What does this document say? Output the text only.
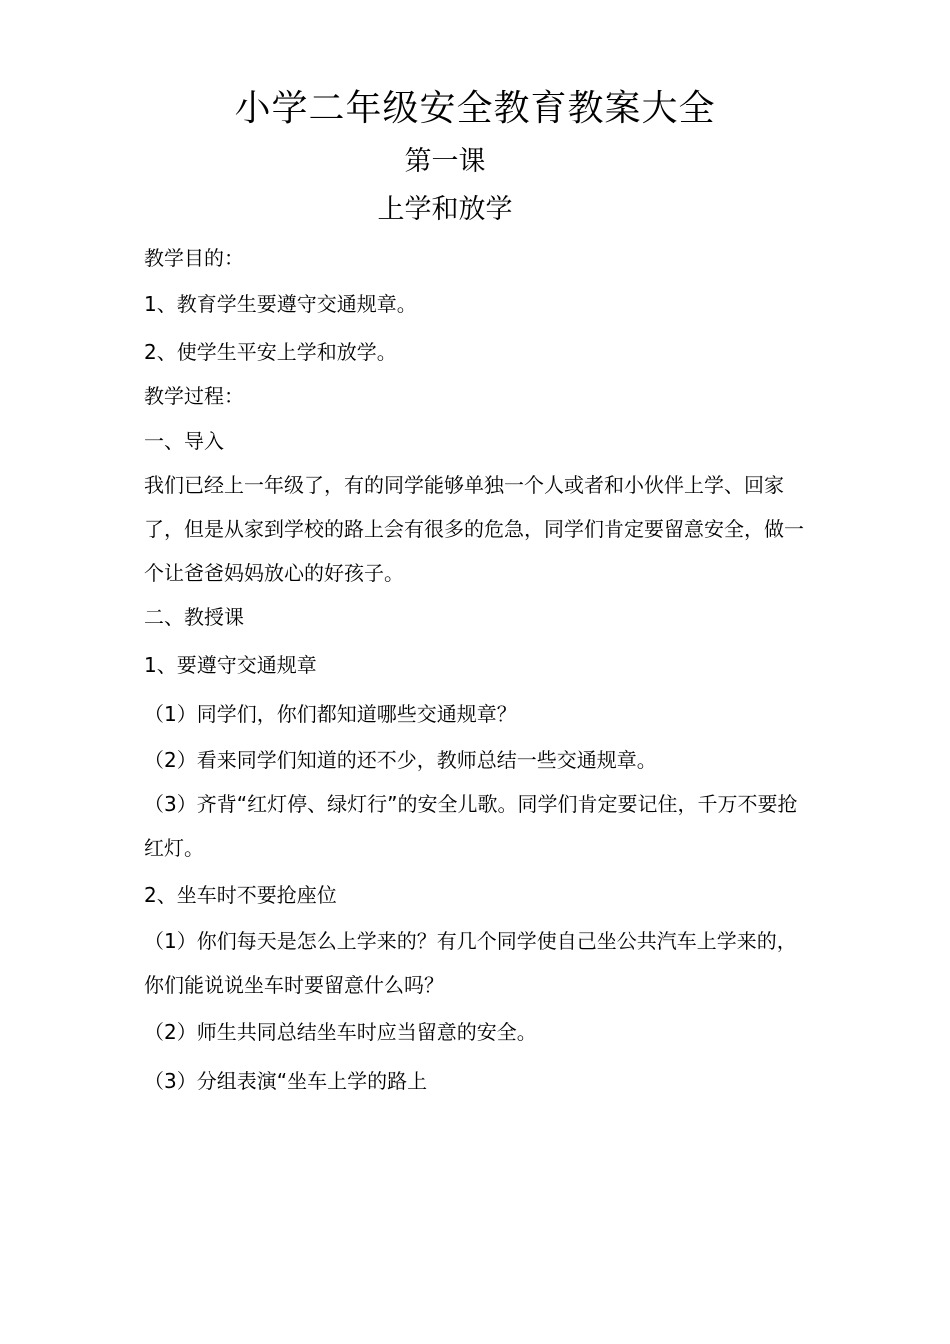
小学二年级安全教育教案大全
第一课
上学和放学
教学目的：
1、教育学生要遵守交通规章。
2、使学生平安上学和放学。
教学过程：
一、导入
我们已经上一年级了，有的同学能够单独一个人或者和小伙伴上学、回家了，但是从家到学校的路上会有很多的危急，同学们肯定要留意安全，做一个让爸爸妈妈放心的好孩子。
二、教授课
1、要遵守交通规章
（1）同学们，你们都知道哪些交通规章？
（2）看来同学们知道的还不少，教师总结一些交通规章。
（3）齐背“红灯停、绿灯行”的安全儿歌。同学们肯定要记住，千万不要抢红灯。
2、坐车时不要抢座位
（1）你们每天是怎么上学来的？有几个同学使自己坐公共汽车上学来的，你们能说说坐车时要留意什么吗？
（2）师生共同总结坐车时应当留意的安全。
（3）分组表演“坐车上学的路上
